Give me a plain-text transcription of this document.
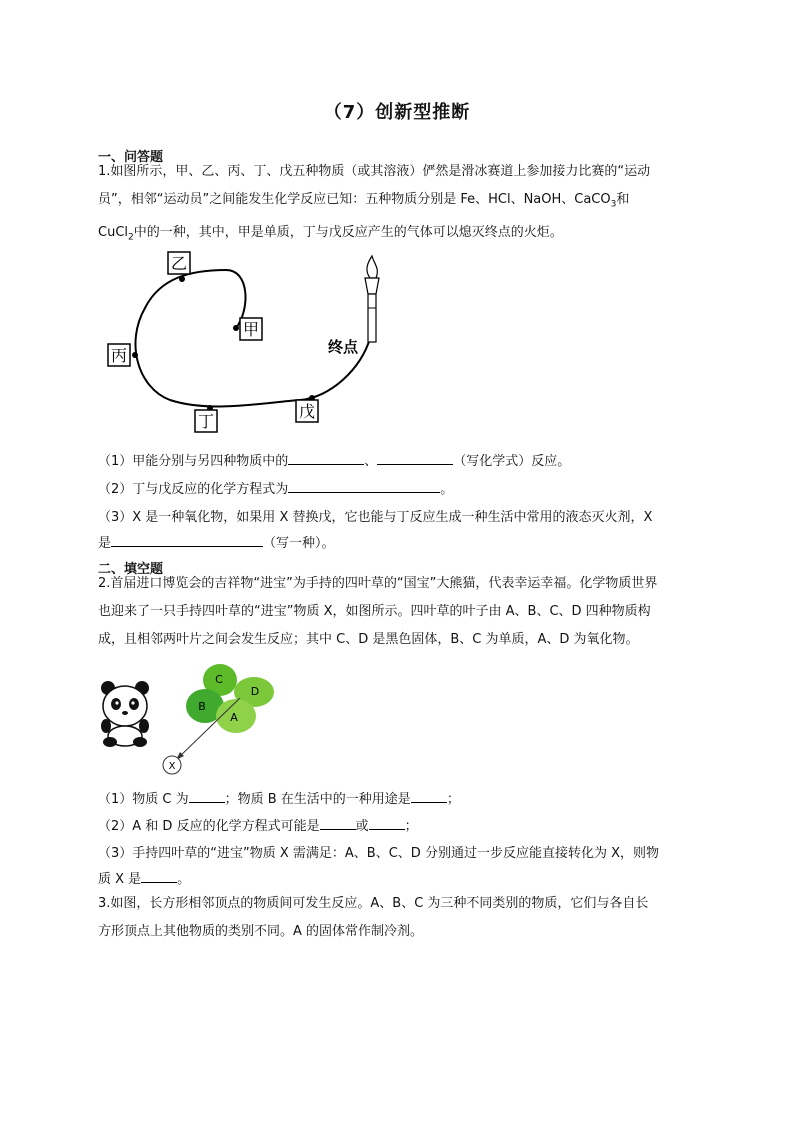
（7）创新型推断
一、问答题
1.如图所示，甲、乙、丙、丁、戊五种物质（或其溶液）俨然是滑冰赛道上参加接力比赛的“运动
员”，相邻“运动员”之间能发生化学反应已知：五种物质分别是 Fe、HCl、NaOH、CaCO$_3$和
CuCl$_2$中的一种，其中，甲是单质，丁与戊反应产生的气体可以熄灭终点的火炬。
乙
甲
丙
丁
戊
终点
（1）甲能分别与另四种物质中的	、	（写化学式）反应。
（2）丁与戊反应的化学方程式为	。
（3）X 是一种氧化物，如果用 X 替换戊，它也能与丁反应生成一种生活中常用的液态灭火剂，X
是	（写一种）。
二、填空题
2.首届进口博览会的吉祥物“进宝”为手持的四叶草的“国宝”大熊猫，代表幸运幸福。化学物质世界
也迎来了一只手持四叶草的“进宝”物质 X，如图所示。四叶草的叶子由 A、B、C、D 四种物质构
成，且相邻两叶片之间会发生反应；其中 C、D 是黑色固体，B、C 为单质，A、D 为氧化物。
C
D
B
A
X
（1）物质 C 为	；物质 B 在生活中的一种用途是	；
（2）A 和 D 反应的化学方程式可能是	或	；
（3）手持四叶草的“进宝”物质 X 需满足：A、B、C、D 分别通过一步反应能直接转化为 X，则物
质 X 是	。
3.如图，长方形相邻顶点的物质间可发生反应。A、B、C 为三种不同类别的物质，它们与各自长
方形顶点上其他物质的类别不同。A 的固体常作制冷剂。
